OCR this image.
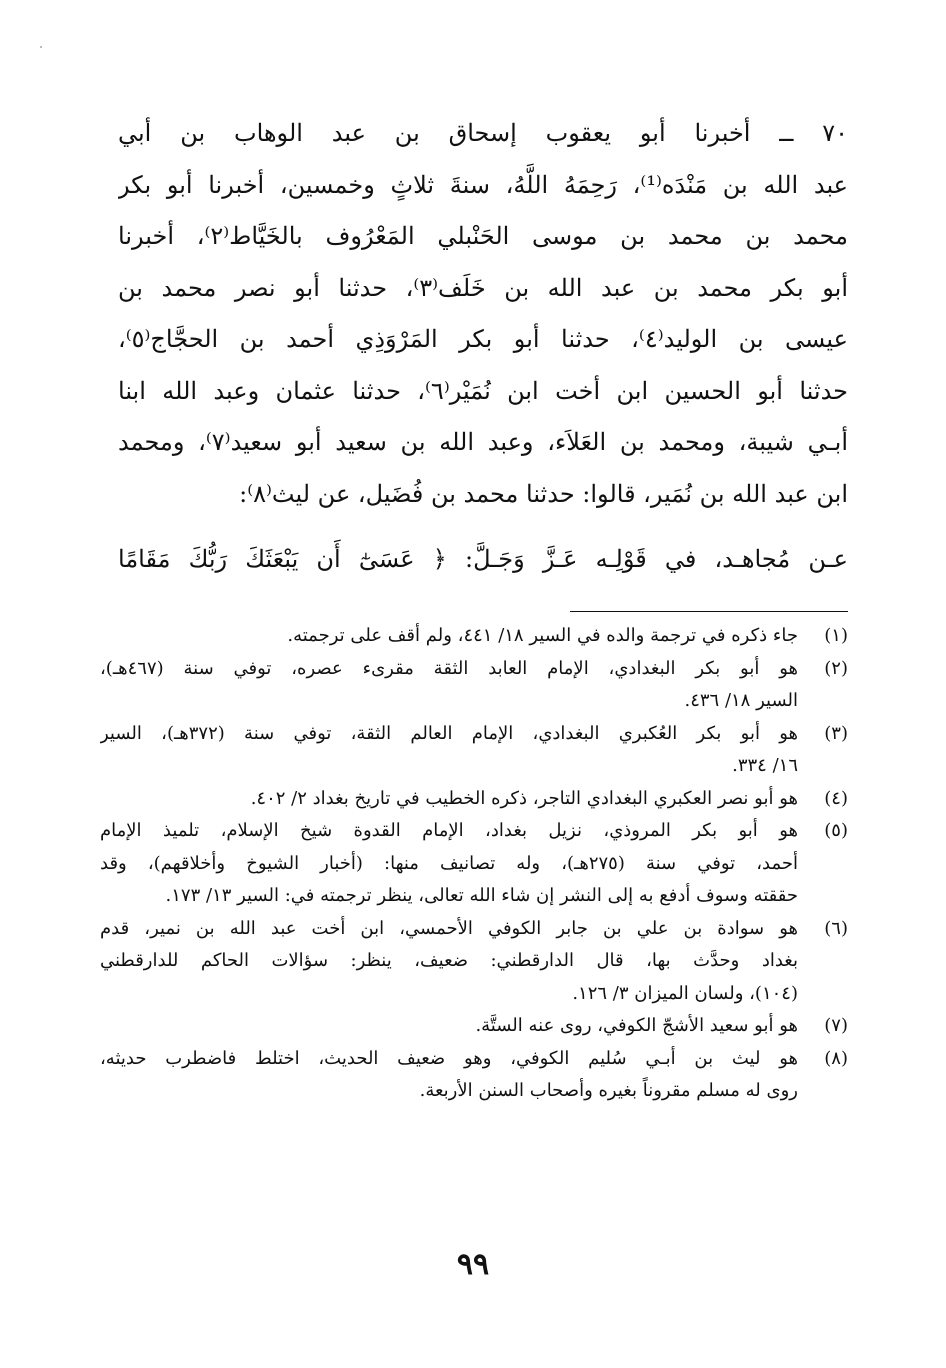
٧٠ ــ أخبرنا أبو يعقوب إسحاق بن عبد الوهاب بن أبي
عبد الله بن مَنْدَه⁽¹⁾، رَحِمَهُ اللَّهُ، سنةَ ثلاثٍ وخمسين، أخبرنا أبو بكر
محمد بن محمد بن موسى الحَنْبلي المَعْرُوف بالخَيَّاط⁽٢⁾، أخبرنا
أبو بكر محمد بن عبد الله بن خَلَف⁽٣⁾، حدثنا أبو نصر محمد بن
عيسى بن الوليد⁽٤⁾، حدثنا أبو بكر المَرْوَذِي أحمد بن الحجَّاج⁽٥⁾،
حدثنا أبو الحسين ابن أخت ابن نُمَيْر⁽٦⁾، حدثنا عثمان وعبد الله ابنا
أبـي شيبة، ومحمد بن العَلاَء، وعبد الله بن سعيد أبو سعيد⁽٧⁾، ومحمد
ابن عبد الله بن نُمَير، قالوا: حدثنا محمد بن فُضَيل، عن ليث⁽٨⁾:
عـن مُجاهـد، في قَوْلِـه عَـزَّ وَجَـلَّ: ﴿ عَسَىٰٓ أَن يَبْعَثَكَ رَبُّكَ مَقَامًا
(١)
جاء ذكره في ترجمة والده في السير ١٨/ ٤٤١، ولم أقف على ترجمته.
(٢)
هو أبو بكر البغدادي، الإمام العابد الثقة مقرىء عصره، توفي سنة (٤٦٧هـ)،
السير ١٨/ ٤٣٦.
(٣)
هو أبو بكر العُكبري البغدادي، الإمام العالم الثقة، توفي سنة (٣٧٢هـ)، السير
١٦/ ٣٣٤.
(٤)
هو أبو نصر العكبري البغدادي التاجر، ذكره الخطيب في تاريخ بغداد ٢/ ٤٠٢.
(٥)
هو أبو بكر المروذي، نزيل بغداد، الإمام القدوة شيخ الإسلام، تلميذ الإمام
أحمد، توفي سنة (٢٧٥هـ)، وله تصانيف منها: (أخبار الشيوخ وأخلاقهم)، وقد
حققته وسوف أدفع به إلى النشر إن شاء الله تعالى، ينظر ترجمته في: السير ١٣/ ١٧٣.
(٦)
هو سوادة بن علي بن جابر الكوفي الأحمسي، ابن أخت عبد الله بن نمير، قدم
بغداد وحدَّث بها، قال الدارقطني: ضعيف، ينظر: سؤالات الحاكم للدارقطني
(١٠٤)، ولسان الميزان ٣/ ١٢٦.
(٧)
هو أبو سعيد الأشجّ الكوفي، روى عنه الستَّة.
(٨)
هو ليث بن أبـي سُليم الكوفي، وهو ضعيف الحديث، اختلط فاضطرب حديثه،
روى له مسلم مقروناً بغيره وأصحاب السنن الأربعة.
٩٩
